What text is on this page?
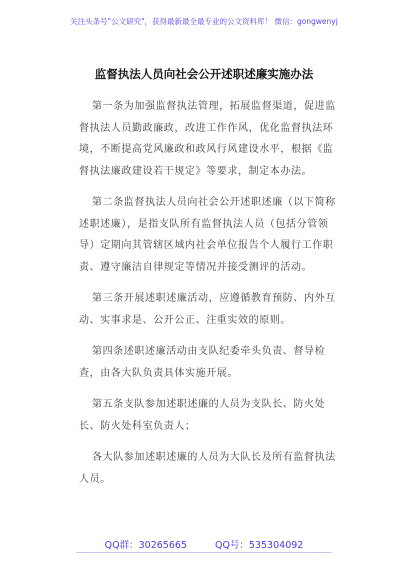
关注头条号"公文研究"，获得最新最全最专业的公文资料库！ 微信：gongwenyj
监督执法人员向社会公开述职述廉实施办法

第一条为加强监督执法管理，拓展监督渠道，促进监督执法人员勤政廉政，改进工作作风，优化监督执法环境，不断提高党风廉政和政风行风建设水平，根据《监督执法廉政建设若干规定》等要求，制定本办法。

第二条监督执法人员向社会公开述职述廉（以下简称述职述廉），是指支队所有监督执法人员（包括分管领导）定期向其管辖区域内社会单位报告个人履行工作职责、遵守廉洁自律规定等情况并接受测评的活动。

第三条开展述职述廉活动，应遵循教育预防、内外互动、实事求是、公开公正、注重实效的原则。

第四条述职述廉活动由支队纪委牵头负责、督导检查，由各大队负责具体实施开展。

第五条支队参加述职述廉的人员为支队长、防火处长、防火处科室负责人；

各大队参加述职述廉的人员为大队长及所有监督执法人员。

QQ群：30265665	QQ号：535304092
